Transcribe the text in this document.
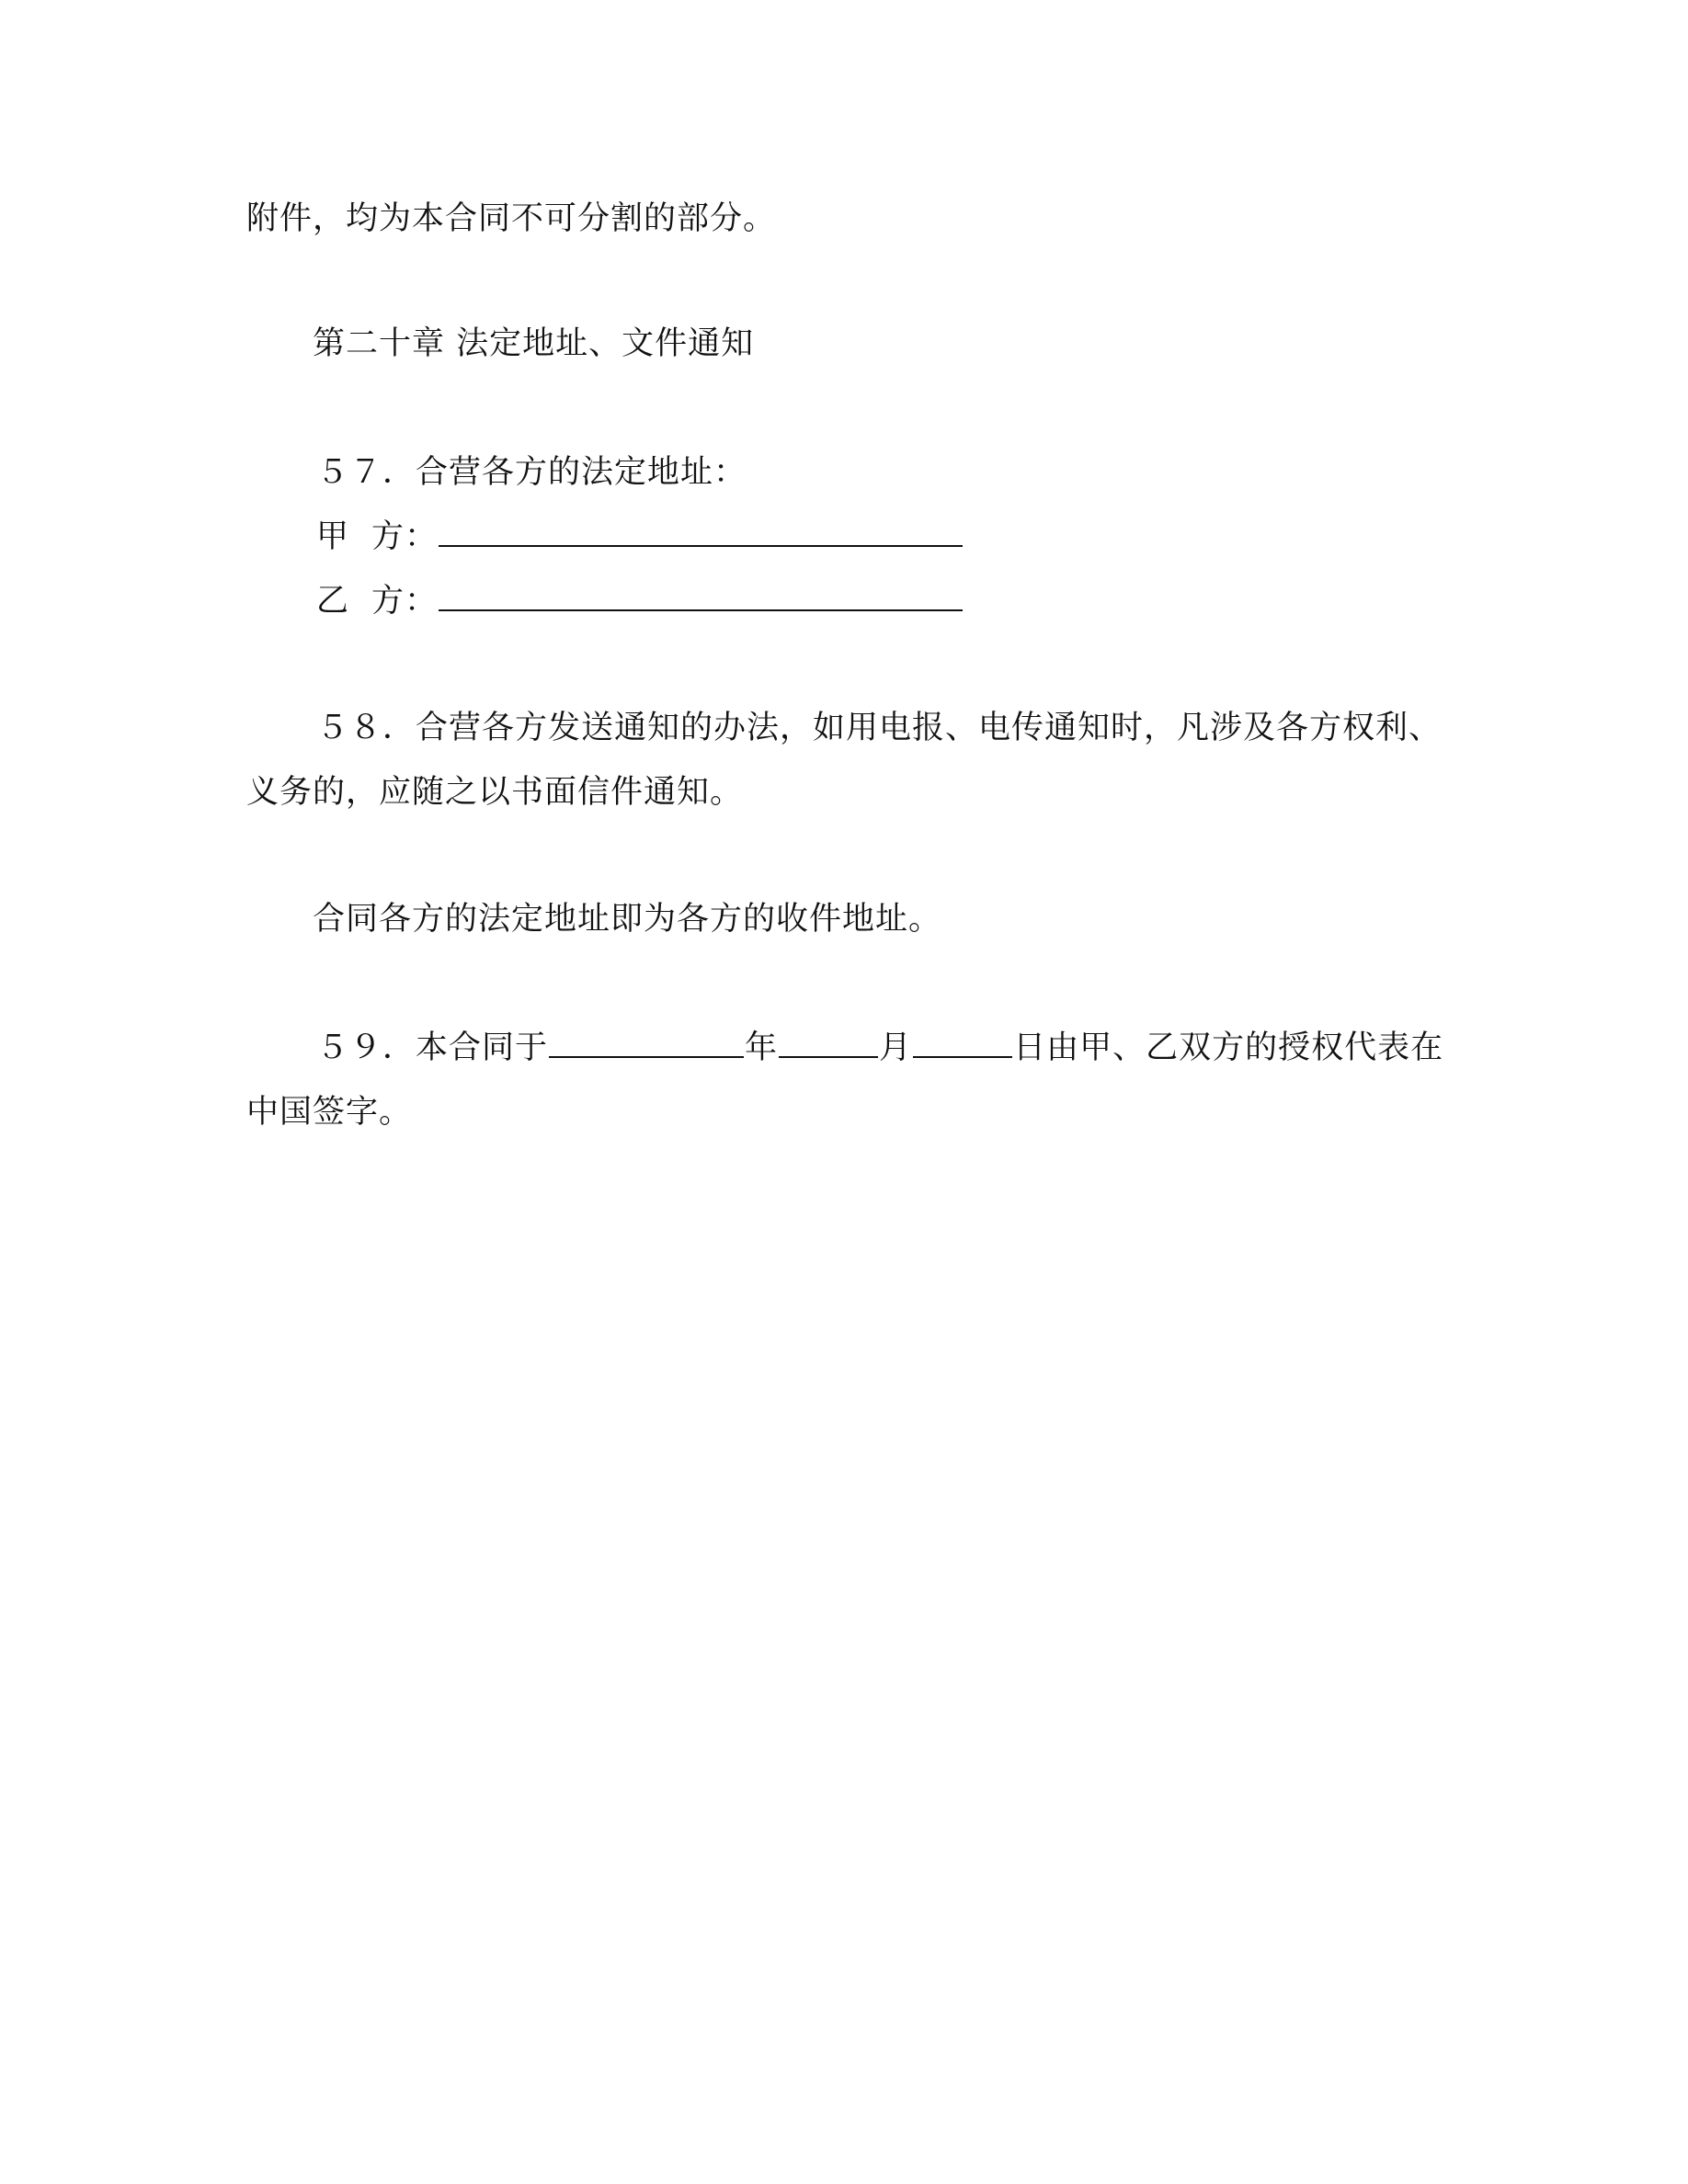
附件，均为本合同不可分割的部分。
第二十章 法定地址、文件通知
５７．合营各方的法定地址：
甲 方：
乙 方：
５８．合营各方发送通知的办法，如用电报、电传通知时，凡涉及各方权利、
义务的，应随之以书面信件通知。
合同各方的法定地址即为各方的收件地址。
５９．本合同于	年	月	日由甲、乙双方的授权代表在
中国签字。
